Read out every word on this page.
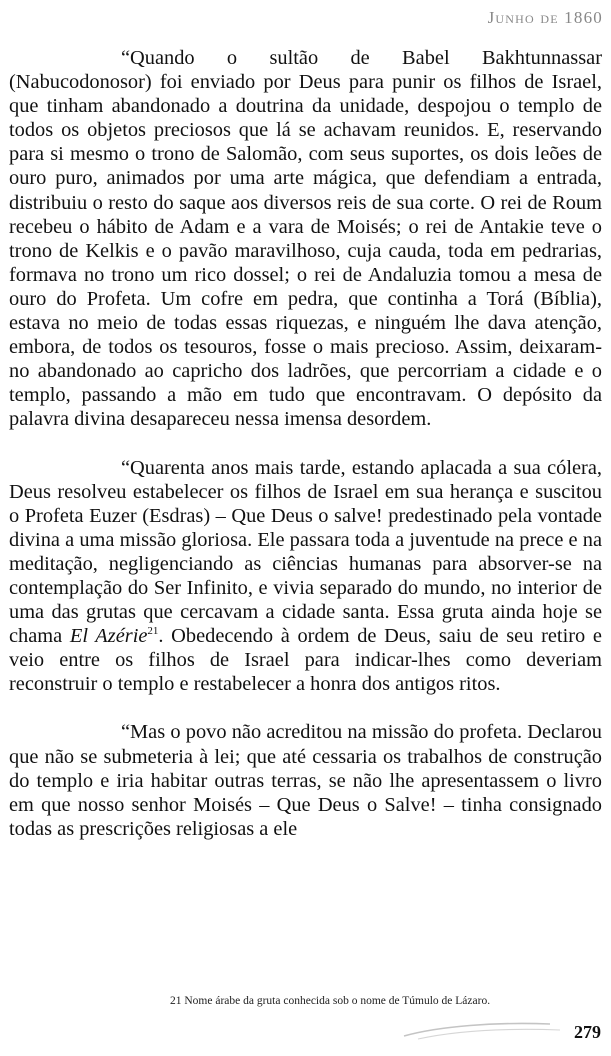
Junho de 1860

“Quando o sultão de Babel Bakhtunnassar (Nabucodonosor) foi enviado por Deus para punir os filhos de Israel, que tinham abandonado a doutrina da unidade, despojou o templo de todos os objetos preciosos que lá se achavam reunidos. E, reservando para si mesmo o trono de Salomão, com seus suportes, os dois leões de ouro puro, animados por uma arte mágica, que defendiam a entrada, distribuiu o resto do saque aos diversos reis de sua corte. O rei de Roum recebeu o hábito de Adam e a vara de Moisés; o rei de Antakie teve o trono de Kelkis e o pavão maravilhoso, cuja cauda, toda em pedrarias, formava no trono um rico dossel; o rei de Andaluzia tomou a mesa de ouro do Profeta. Um cofre em pedra, que continha a Torá (Bíblia), estava no meio de todas essas riquezas, e ninguém lhe dava atenção, embora, de todos os tesouros, fosse o mais precioso. Assim, deixaram-no abandonado ao capricho dos ladrões, que percorriam a cidade e o templo, passando a mão em tudo que encontravam. O depósito da palavra divina desapareceu nessa imensa desordem.

“Quarenta anos mais tarde, estando aplacada a sua cólera, Deus resolveu estabelecer os filhos de Israel em sua herança e suscitou o Profeta Euzer (Esdras) – Que Deus o salve! predestinado pela vontade divina a uma missão gloriosa. Ele passara toda a juventude na prece e na meditação, negligenciando as ciências humanas para absorver-se na contemplação do Ser Infinito, e vivia separado do mundo, no interior de uma das grutas que cercavam a cidade santa. Essa gruta ainda hoje se chama El Azérie$^{21}$. Obedecendo à ordem de Deus, saiu de seu retiro e veio entre os filhos de Israel para indicar-lhes como deveriam reconstruir o templo e restabelecer a honra dos antigos ritos.

“Mas o povo não acreditou na missão do profeta. Declarou que não se submeteria à lei; que até cessaria os trabalhos de construção do templo e iria habitar outras terras, se não lhe apresentassem o livro em que nosso senhor Moisés – Que Deus o Salve! – tinha consignado todas as prescrições religiosas a ele

21 Nome árabe da gruta conhecida sob o nome de Túmulo de Lázaro.
279
